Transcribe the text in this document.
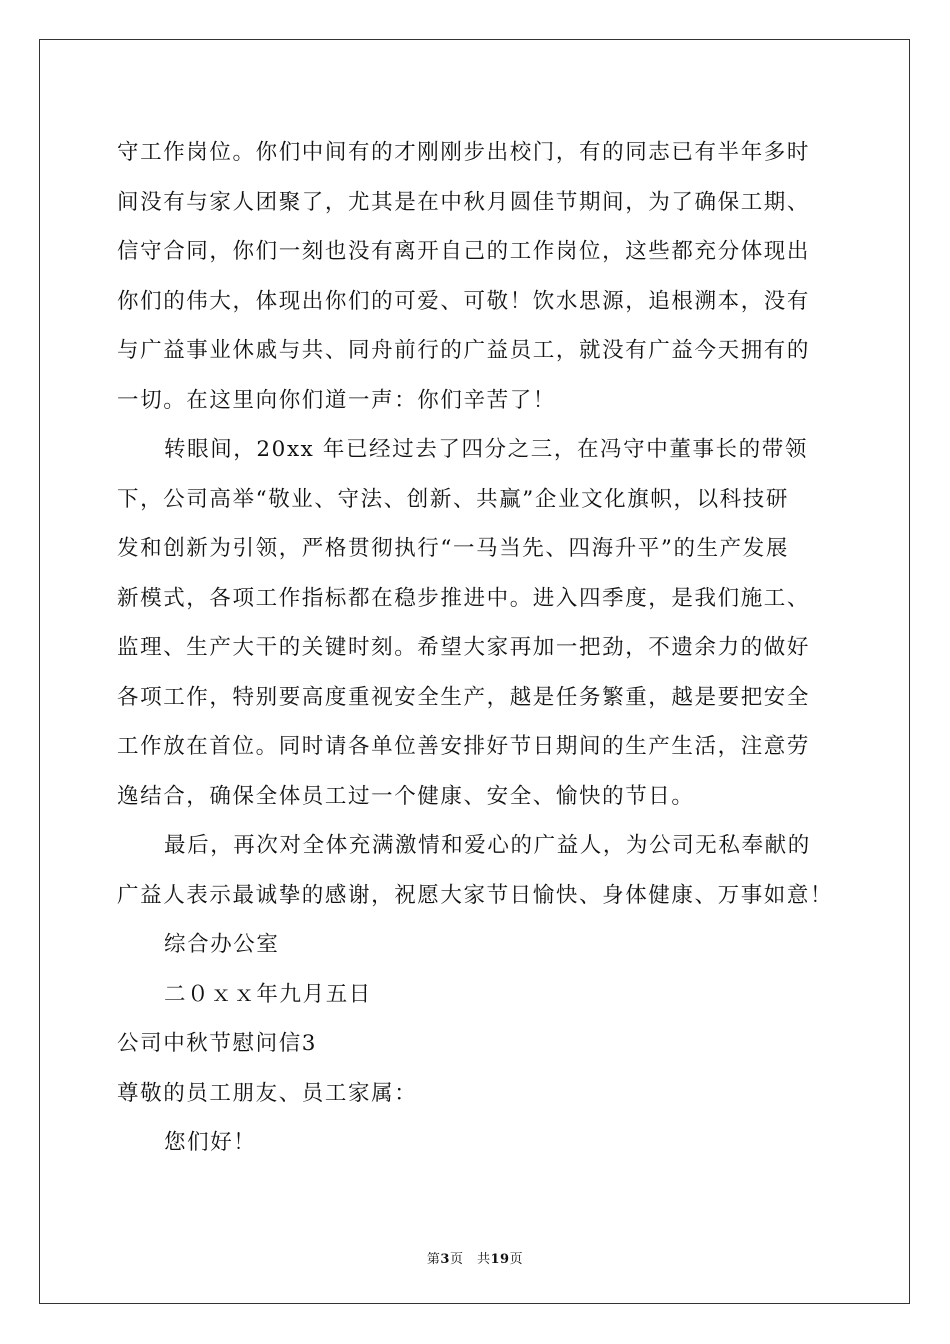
守工作岗位。你们中间有的才刚刚步出校门，有的同志已有半年多时
间没有与家人团聚了，尤其是在中秋月圆佳节期间，为了确保工期、
信守合同，你们一刻也没有离开自己的工作岗位，这些都充分体现出
你们的伟大，体现出你们的可爱、可敬！饮水思源，追根溯本，没有
与广益事业休戚与共、同舟前行的广益员工，就没有广益今天拥有的
一切。在这里向你们道一声：你们辛苦了！
转眼间，20xx 年已经过去了四分之三，在冯守中董事长的带领
下，公司高举“敬业、守法、创新、共赢”企业文化旗帜，以科技研
发和创新为引领，严格贯彻执行“一马当先、四海升平”的生产发展
新模式，各项工作指标都在稳步推进中。进入四季度，是我们施工、
监理、生产大干的关键时刻。希望大家再加一把劲，不遗余力的做好
各项工作，特别要高度重视安全生产，越是任务繁重，越是要把安全
工作放在首位。同时请各单位善安排好节日期间的生产生活，注意劳
逸结合，确保全体员工过一个健康、安全、愉快的节日。
最后，再次对全体充满激情和爱心的广益人，为公司无私奉献的
广益人表示最诚挚的感谢，祝愿大家节日愉快、身体健康、万事如意！
综合办公室
二０ｘｘ年九月五日
公司中秋节慰问信3
尊敬的员工朋友、员工家属：
您们好！
第3页　共19页
